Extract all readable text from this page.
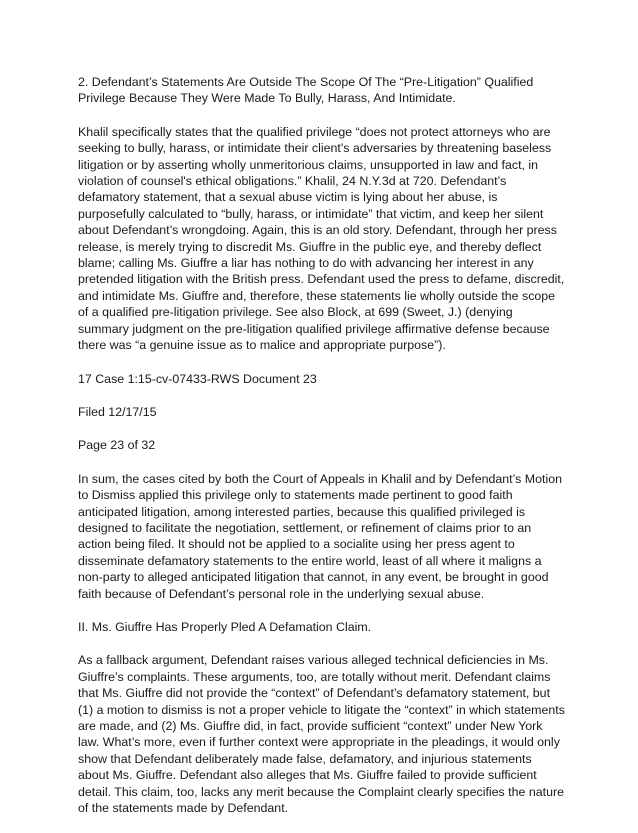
2. Defendant’s Statements Are Outside The Scope Of The “Pre-Litigation” Qualified Privilege Because They Were Made To Bully, Harass, And Intimidate.

Khalil specifically states that the qualified privilege “does not protect attorneys who are seeking to bully, harass, or intimidate their client's adversaries by threatening baseless litigation or by asserting wholly unmeritorious claims, unsupported in law and fact, in violation of counsel's ethical obligations.” Khalil, 24 N.Y.3d at 720. Defendant’s defamatory statement, that a sexual abuse victim is lying about her abuse, is purposefully calculated to “bully, harass, or intimidate” that victim, and keep her silent about Defendant’s wrongdoing. Again, this is an old story. Defendant, through her press release, is merely trying to discredit Ms. Giuffre in the public eye, and thereby deflect blame; calling Ms. Giuffre a liar has nothing to do with advancing her interest in any pretended litigation with the British press. Defendant used the press to defame, discredit, and intimidate Ms. Giuffre and, therefore, these statements lie wholly outside the scope of a qualified pre-litigation privilege. See also Block, at 699 (Sweet, J.) (denying summary judgment on the pre-litigation qualified privilege affirmative defense because there was “a genuine issue as to malice and appropriate purpose”).

17 Case 1:15-cv-07433-RWS Document 23

Filed 12/17/15

Page 23 of 32

In sum, the cases cited by both the Court of Appeals in Khalil and by Defendant’s Motion to Dismiss applied this privilege only to statements made pertinent to good faith anticipated litigation, among interested parties, because this qualified privileged is designed to facilitate the negotiation, settlement, or refinement of claims prior to an action being filed. It should not be applied to a socialite using her press agent to disseminate defamatory statements to the entire world, least of all where it maligns a non-party to alleged anticipated litigation that cannot, in any event, be brought in good faith because of Defendant’s personal role in the underlying sexual abuse.

II. Ms. Giuffre Has Properly Pled A Defamation Claim.

As a fallback argument, Defendant raises various alleged technical deficiencies in Ms. Giuffre’s complaints. These arguments, too, are totally without merit. Defendant claims that Ms. Giuffre did not provide the “context” of Defendant’s defamatory statement, but (1) a motion to dismiss is not a proper vehicle to litigate the “context” in which statements are made, and (2) Ms. Giuffre did, in fact, provide sufficient “context” under New York law. What’s more, even if further context were appropriate in the pleadings, it would only show that Defendant deliberately made false, defamatory, and injurious statements about Ms. Giuffre. Defendant also alleges that Ms. Giuffre failed to provide sufficient detail. This claim, too, lacks any merit because the Complaint clearly specifies the nature of the statements made by Defendant.
